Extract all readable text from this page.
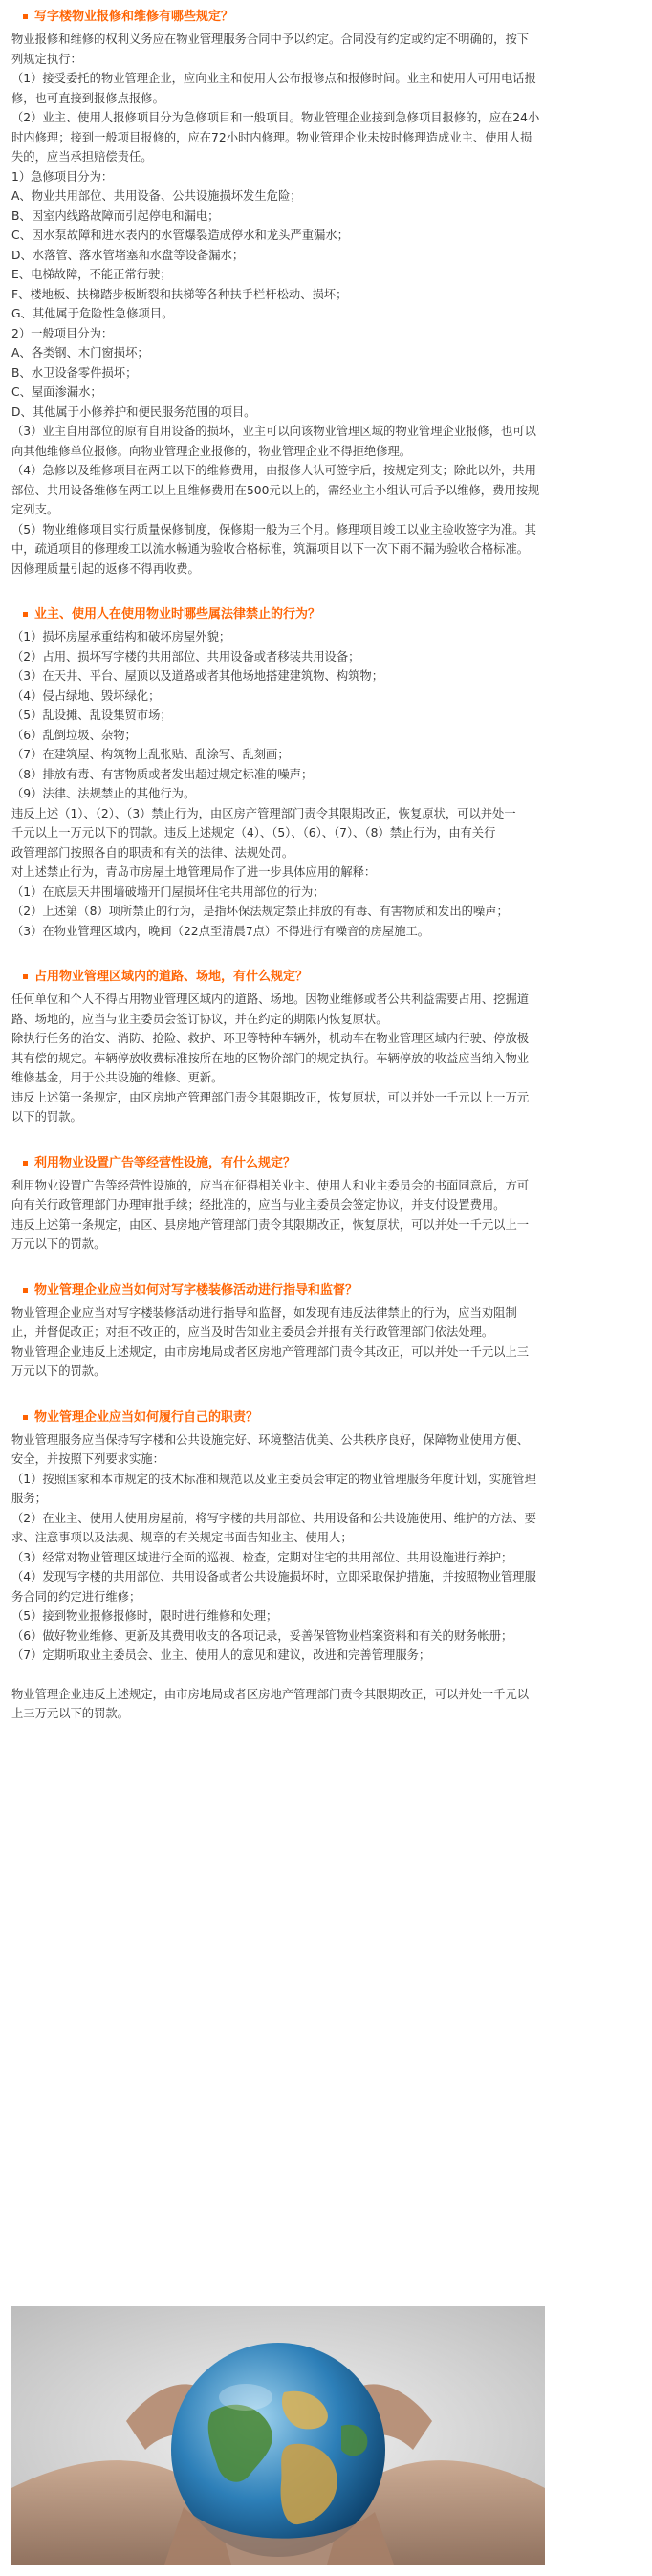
写字楼物业报修和维修有哪些规定？

物业报修和维修的权利义务应在物业管理服务合同中予以约定。合同没有约定或约定不明确的，按下

列规定执行：

（1）接受委托的物业管理企业，应向业主和使用人公布报修点和报修时间。业主和使用人可用电话报

修，也可直接到报修点报修。

（2）业主、使用人报修项目分为急修项目和一般项目。物业管理企业接到急修项目报修的，应在24小

时内修理；接到一般项目报修的，应在72小时内修理。物业管理企业未按时修理造成业主、使用人损

失的，应当承担赔偿责任。

1）急修项目分为：

A、物业共用部位、共用设备、公共设施损坏发生危险；

B、因室内线路故障而引起停电和漏电；

C、因水泵故障和进水表内的水管爆裂造成停水和龙头严重漏水；

D、水落管、落水管堵塞和水盘等设备漏水；

E、电梯故障，不能正常行驶；

F、楼地板、扶梯踏步板断裂和扶梯等各种扶手栏杆松动、损坏；

G、其他属于危险性急修项目。

2）一般项目分为：

A、各类钢、木门窗损坏；

B、水卫设备零件损坏；

C、屋面渗漏水；

D、其他属于小修养护和便民服务范围的项目。

（3）业主自用部位的原有自用设备的损坏，业主可以向该物业管理区域的物业管理企业报修，也可以

向其他维修单位报修。向物业管理企业报修的，物业管理企业不得拒绝修理。

（4）急修以及维修项目在两工以下的维修费用，由报修人认可签字后，按规定列支；除此以外，共用

部位、共用设备维修在两工以上且维修费用在500元以上的，需经业主小组认可后予以维修，费用按规

定列支。

（5）物业维修项目实行质量保修制度，保修期一般为三个月。修理项目竣工以业主验收签字为准。其

中，疏通项目的修理竣工以流水畅通为验收合格标准，筑漏项目以下一次下雨不漏为验收合格标准。

因修理质量引起的返修不得再收费。

业主、使用人在使用物业时哪些属法律禁止的行为？

（1）损坏房屋承重结构和破坏房屋外貌；

（2）占用、损坏写字楼的共用部位、共用设备或者移装共用设备；

（3）在天井、平台、屋顶以及道路或者其他场地搭建建筑物、构筑物；

（4）侵占绿地、毁坏绿化；

（5）乱设摊、乱设集贸市场；

（6）乱倒垃圾、杂物；

（7）在建筑屋、构筑物上乱张贴、乱涂写、乱刻画；

（8）排放有毒、有害物质或者发出超过规定标准的噪声；

（9）法律、法规禁止的其他行为。

违反上述（1）、（2）、（3）禁止行为，由区房产管理部门责令其限期改正，恢复原状，可以并处一

千元以上一万元以下的罚款。违反上述规定（4）、（5）、（6）、（7）、（8）禁止行为，由有关行

政管理部门按照各自的职责和有关的法律、法规处罚。

对上述禁止行为，青岛市房屋土地管理局作了进一步具体应用的解释：

（1）在底层天井围墙破墙开门屋损坏住宅共用部位的行为；

（2）上述第（8）项所禁止的行为，是指坏保法规定禁止排放的有毒、有害物质和发出的噪声；

（3）在物业管理区域内，晚间（22点至清晨7点）不得进行有噪音的房屋施工。

占用物业管理区域内的道路、场地，有什么规定？

任何单位和个人不得占用物业管理区域内的道路、场地。因物业维修或者公共利益需要占用、挖掘道

路、场地的，应当与业主委员会签订协议，并在约定的期限内恢复原状。

除执行任务的治安、消防、抢险、救护、环卫等特种车辆外，机动车在物业管理区域内行驶、停放极

其有偿的规定。车辆停放收费标准按所在地的区物价部门的规定执行。车辆停放的收益应当纳入物业

维修基金，用于公共设施的维修、更新。

违反上述第一条规定，由区房地产管理部门责令其限期改正，恢复原状，可以并处一千元以上一万元

以下的罚款。

利用物业设置广告等经营性设施，有什么规定？

利用物业设置广告等经营性设施的，应当在征得相关业主、使用人和业主委员会的书面同意后，方可

向有关行政管理部门办理审批手续；经批准的，应当与业主委员会签定协议，并支付设置费用。

违反上述第一条规定，由区、县房地产管理部门责令其限期改正，恢复原状，可以并处一千元以上一

万元以下的罚款。

物业管理企业应当如何对写字楼装修活动进行指导和监督？

物业管理企业应当对写字楼装修活动进行指导和监督，如发现有违反法律禁止的行为，应当劝阻制

止，并督促改正；对拒不改正的，应当及时告知业主委员会并报有关行政管理部门依法处理。

物业管理企业违反上述规定，由市房地局或者区房地产管理部门责令其改正，可以并处一千元以上三

万元以下的罚款。

物业管理企业应当如何履行自己的职责？

物业管理服务应当保持写字楼和公共设施完好、环境整洁优美、公共秩序良好，保障物业使用方便、

安全，并按照下列要求实施：

（1）按照国家和本市规定的技术标准和规范以及业主委员会审定的物业管理服务年度计划，实施管理

服务；

（2）在业主、使用人使用房屋前，将写字楼的共用部位、共用设备和公共设施使用、维护的方法、要

求、注意事项以及法规、规章的有关规定书面告知业主、使用人；

（3）经常对物业管理区域进行全面的巡视、检查，定期对住宅的共用部位、共用设施进行养护；

（4）发现写字楼的共用部位、共用设备或者公共设施损坏时，立即采取保护措施，并按照物业管理服

务合同的约定进行维修；

（5）接到物业报修报修时，限时进行维修和处理；

（6）做好物业维修、更新及其费用收支的各项记录，妥善保管物业档案资料和有关的财务帐册；

（7）定期听取业主委员会、业主、使用人的意见和建议，改进和完善管理服务；

物业管理企业违反上述规定，由市房地局或者区房地产管理部门责令其限期改正，可以并处一千元以

上三万元以下的罚款。
